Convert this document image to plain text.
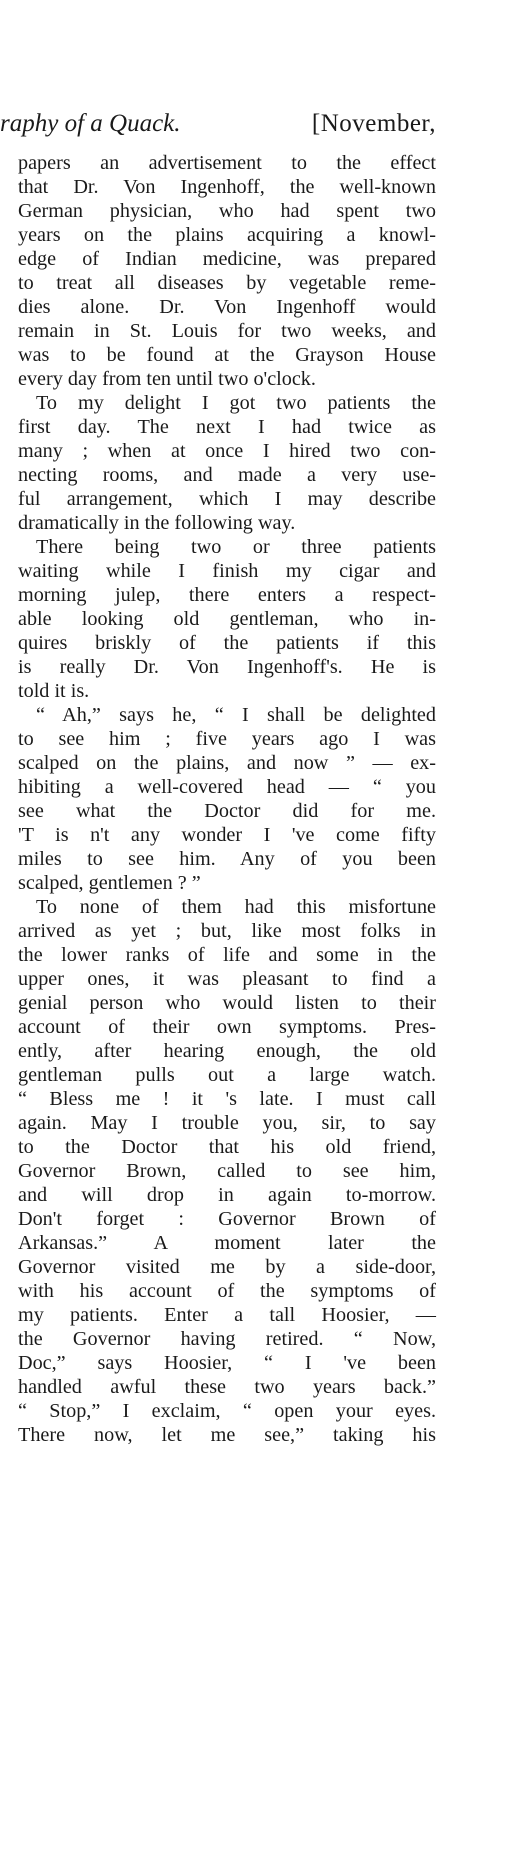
raphy of a Quack.	[November,
papers an advertisement to the effect
that Dr. Von Ingenhoff, the well-known
German physician, who had spent two
years on the plains acquiring a knowl-
edge of Indian medicine, was prepared
to treat all diseases by vegetable reme-
dies alone. Dr. Von Ingenhoff would
remain in St. Louis for two weeks, and
was to be found at the Grayson House
every day from ten until two o'clock.
To my delight I got two patients the
first day. The next I had twice as
many ; when at once I hired two con-
necting rooms, and made a very use-
ful arrangement, which I may describe
dramatically in the following way.
There being two or three patients
waiting while I finish my cigar and
morning julep, there enters a respect-
able looking old gentleman, who in-
quires briskly of the patients if this
is really Dr. Von Ingenhoff's. He is
told it is.
“ Ah,” says he, “ I shall be delighted
to see him ; five years ago I was
scalped on the plains, and now ” — ex-
hibiting a well-covered head — “ you
see what the Doctor did for me.
'T is n't any wonder I 've come fifty
miles to see him. Any of you been
scalped, gentlemen ? ”
To none of them had this misfortune
arrived as yet ; but, like most folks in
the lower ranks of life and some in the
upper ones, it was pleasant to find a
genial person who would listen to their
account of their own symptoms. Pres-
ently, after hearing enough, the old
gentleman pulls out a large watch.
“ Bless me ! it 's late. I must call
again. May I trouble you, sir, to say
to the Doctor that his old friend,
Governor Brown, called to see him,
and will drop in again to-morrow.
Don't forget : Governor Brown of
Arkansas.” A moment later the
Governor visited me by a side-door,
with his account of the symptoms of
my patients. Enter a tall Hoosier, —
the Governor having retired. “ Now,
Doc,” says Hoosier, “ I 've been
handled awful these two years back.”
“ Stop,” I exclaim, “ open your eyes.
There now, let me see,” taking his
